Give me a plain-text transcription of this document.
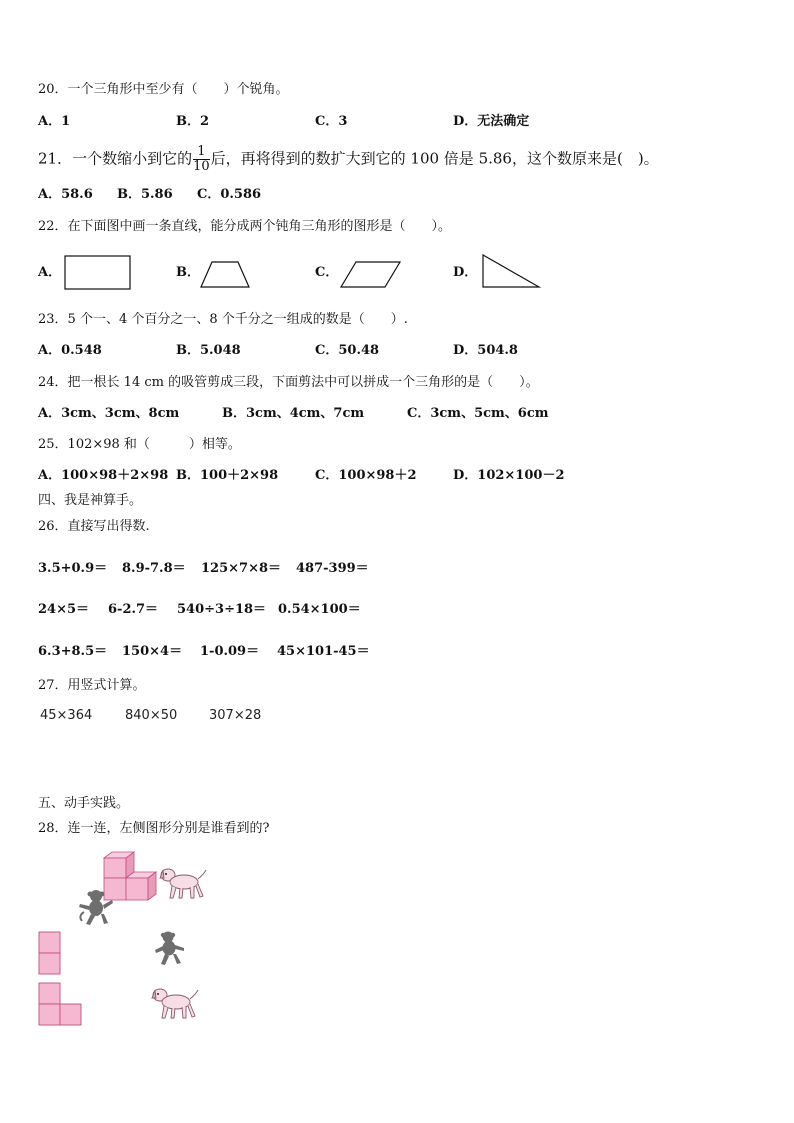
20．一个三角形中至少有（　　）个锐角。
A．1	B．2	C．3	D．无法确定
21．一个数缩小到它的 $\frac{1}{10}$ 后，再将得到的数扩大到它的 100 倍是 5.86，这个数原来是(　)。
A．58.6 B．5.86 C．0.586
22．在下面图中画一条直线，能分成两个钝角三角形的图形是（　　）。
A．	B．	C．	D．
23．5 个一、4 个百分之一、8 个千分之一组成的数是（　　）.
A．0.548	B．5.048	C．50.48	D．504.8
24．把一根长 14 cm 的吸管剪成三段，下面剪法中可以拼成一个三角形的是（　　）。
A．3cm、3cm、8cm	B．3cm、4cm、7cm	C．3cm、5cm、6cm
25．102×98 和（　　　）相等。
A．100×98＋2×98 B．100＋2×98	C．100×98＋2	D．102×100－2
四、我是神算手。
26．直接写出得数.
3.5+0.9＝ 8.9-7.8＝ 125×7×8＝ 487-399＝
24×5＝ 6-2.7＝ 540÷3÷18＝ 0.54×100＝
6.3+8.5＝ 150×4＝ 1-0.09＝ 45×101-45＝
27．用竖式计算。
45×364	840×50 307×28
五、动手实践。
28．连一连，左侧图形分别是谁看到的?
